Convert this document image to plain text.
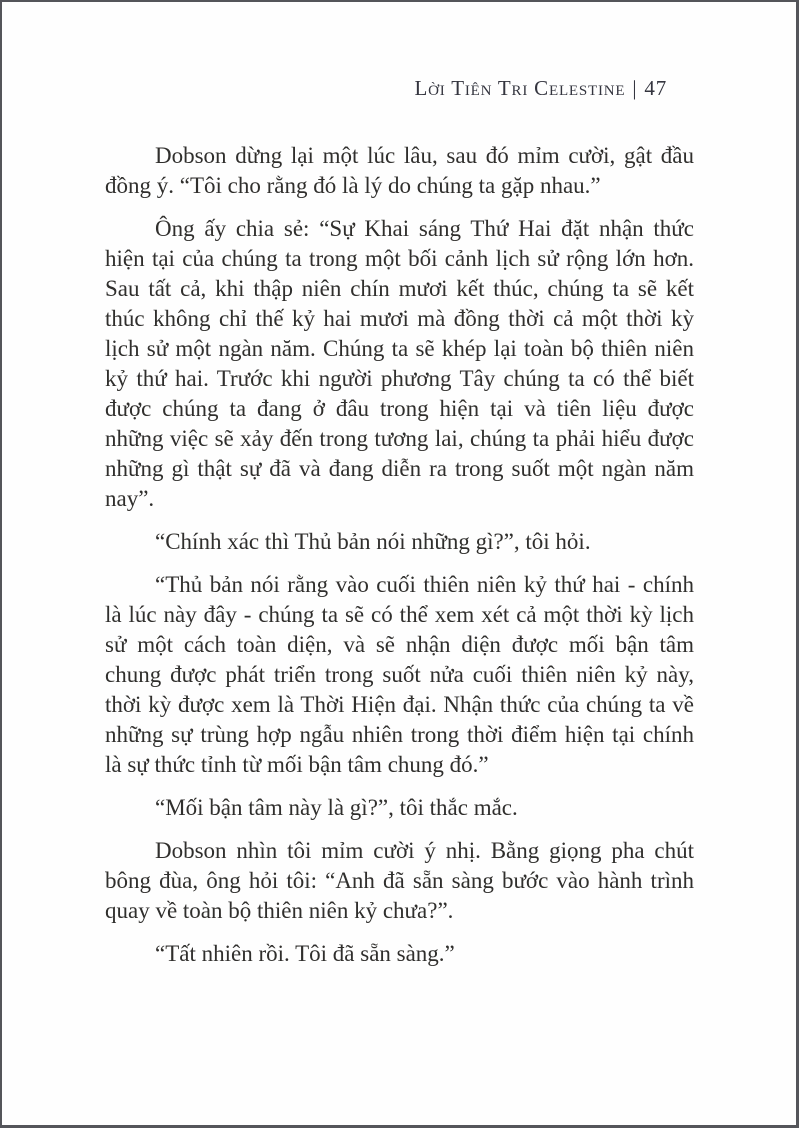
Lời Tiên Tri Celestine | 47

Dobson dừng lại một lúc lâu, sau đó mỉm cười, gật đầu đồng ý. “Tôi cho rằng đó là lý do chúng ta gặp nhau.”

Ông ấy chia sẻ: “Sự Khai sáng Thứ Hai đặt nhận thức hiện tại của chúng ta trong một bối cảnh lịch sử rộng lớn hơn. Sau tất cả, khi thập niên chín mươi kết thúc, chúng ta sẽ kết thúc không chỉ thế kỷ hai mươi mà đồng thời cả một thời kỳ lịch sử một ngàn năm. Chúng ta sẽ khép lại toàn bộ thiên niên kỷ thứ hai. Trước khi người phương Tây chúng ta có thể biết được chúng ta đang ở đâu trong hiện tại và tiên liệu được những việc sẽ xảy đến trong tương lai, chúng ta phải hiểu được những gì thật sự đã và đang diễn ra trong suốt một ngàn năm nay”.

“Chính xác thì Thủ bản nói những gì?”, tôi hỏi.

“Thủ bản nói rằng vào cuối thiên niên kỷ thứ hai - chính là lúc này đây - chúng ta sẽ có thể xem xét cả một thời kỳ lịch sử một cách toàn diện, và sẽ nhận diện được mối bận tâm chung được phát triển trong suốt nửa cuối thiên niên kỷ này, thời kỳ được xem là Thời Hiện đại. Nhận thức của chúng ta về những sự trùng hợp ngẫu nhiên trong thời điểm hiện tại chính là sự thức tỉnh từ mối bận tâm chung đó.”

“Mối bận tâm này là gì?”, tôi thắc mắc.

Dobson nhìn tôi mỉm cười ý nhị. Bằng giọng pha chút bông đùa, ông hỏi tôi: “Anh đã sẵn sàng bước vào hành trình quay về toàn bộ thiên niên kỷ chưa?”.

“Tất nhiên rồi. Tôi đã sẵn sàng.”
